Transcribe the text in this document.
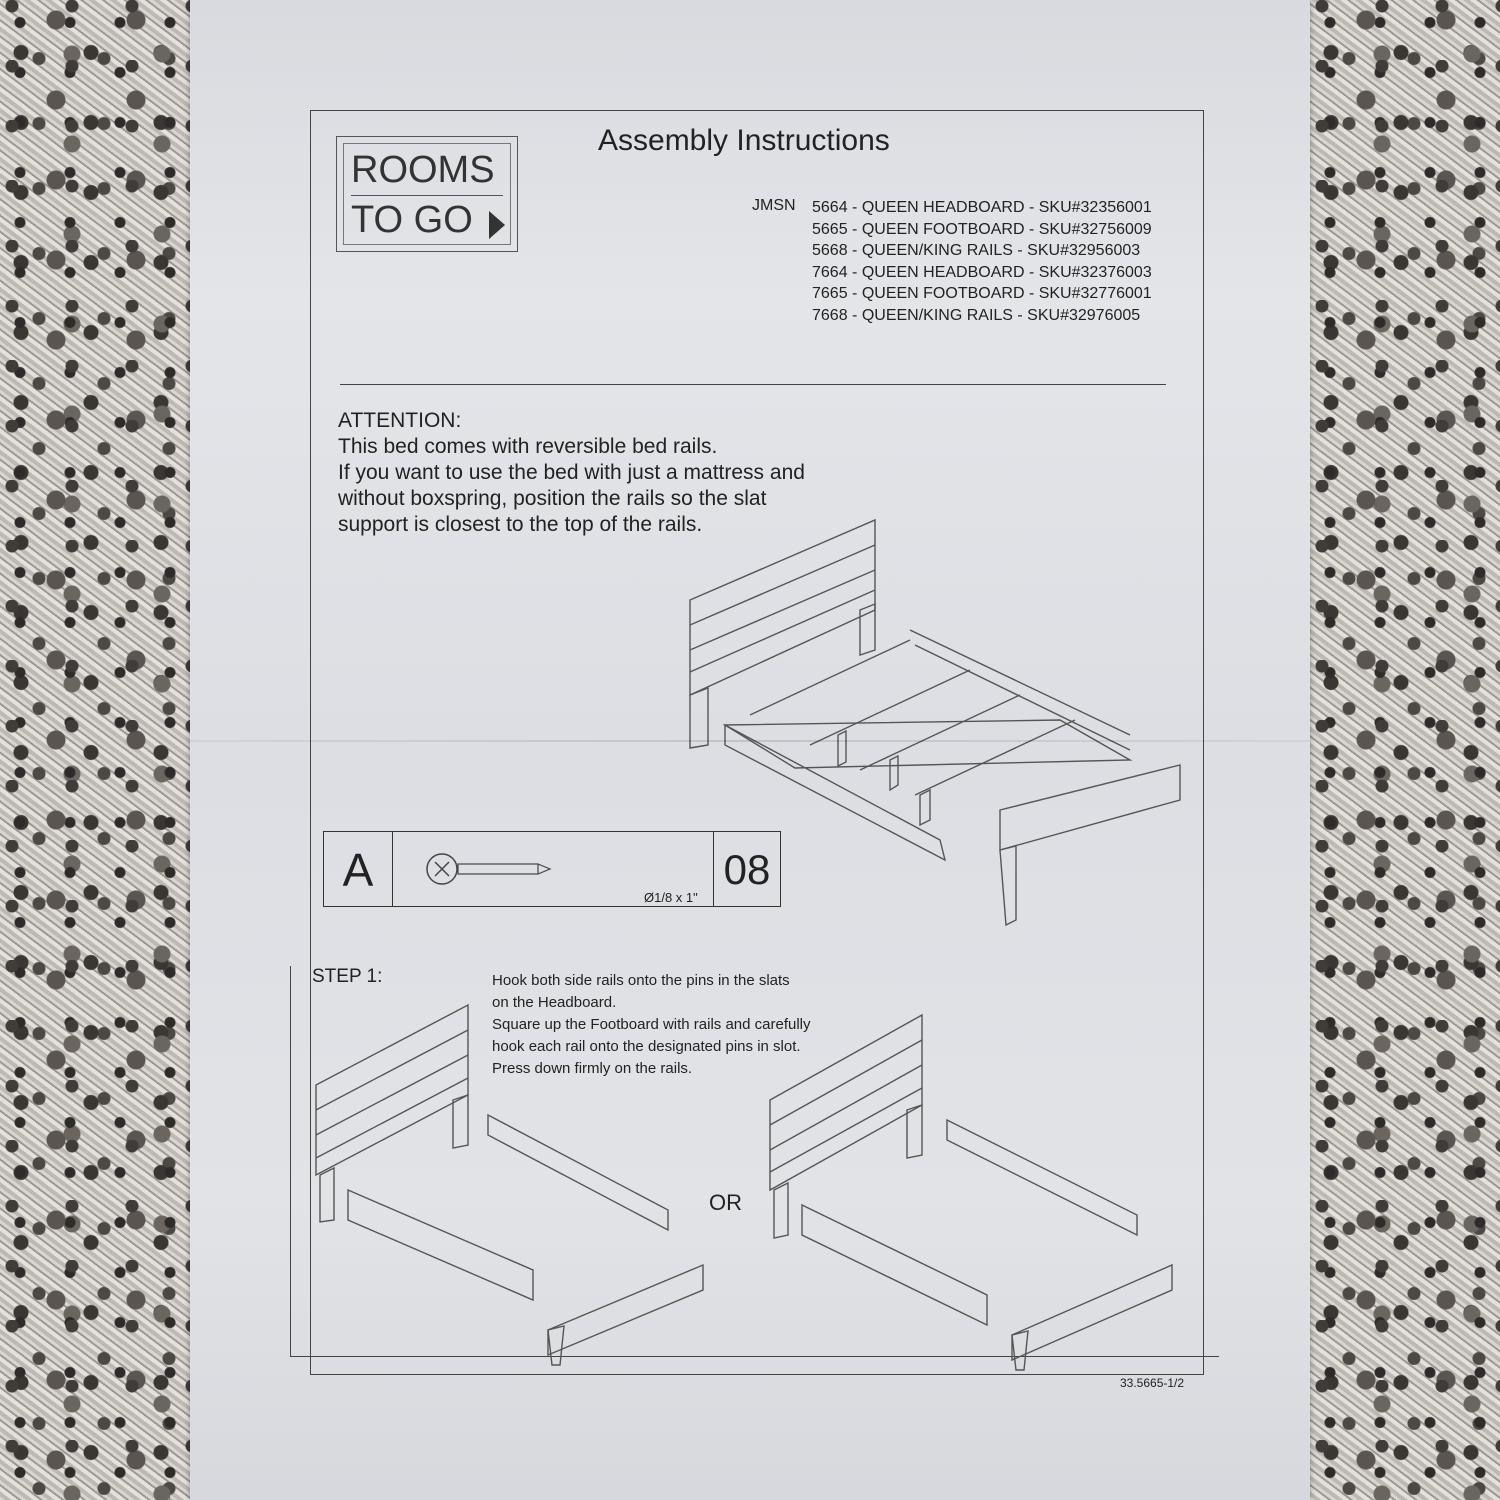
ROOMS
TO GO
Assembly Instructions
JMSN 5664 - QUEEN HEADBOARD - SKU#32356001
5665 - QUEEN FOOTBOARD - SKU#32756009
5668 - QUEEN/KING RAILS - SKU#32956003
7664 - QUEEN HEADBOARD - SKU#32376003
7665 - QUEEN FOOTBOARD - SKU#32776001
7668 - QUEEN/KING RAILS - SKU#32976005
ATTENTION:
This bed comes with reversible bed rails.
If you want to use the bed with just a mattress and
without boxspring, position the rails so the slat
support is closest to the top of the rails.
A
Ø1/8 x 1"
08
STEP 1:	Hook both side rails onto the pins in the slats
on the Headboard.
Square up the Footboard with rails and carefully
hook each rail onto the designated pins in slot.
Press down firmly on the rails.
OR
33.5665-1/2
